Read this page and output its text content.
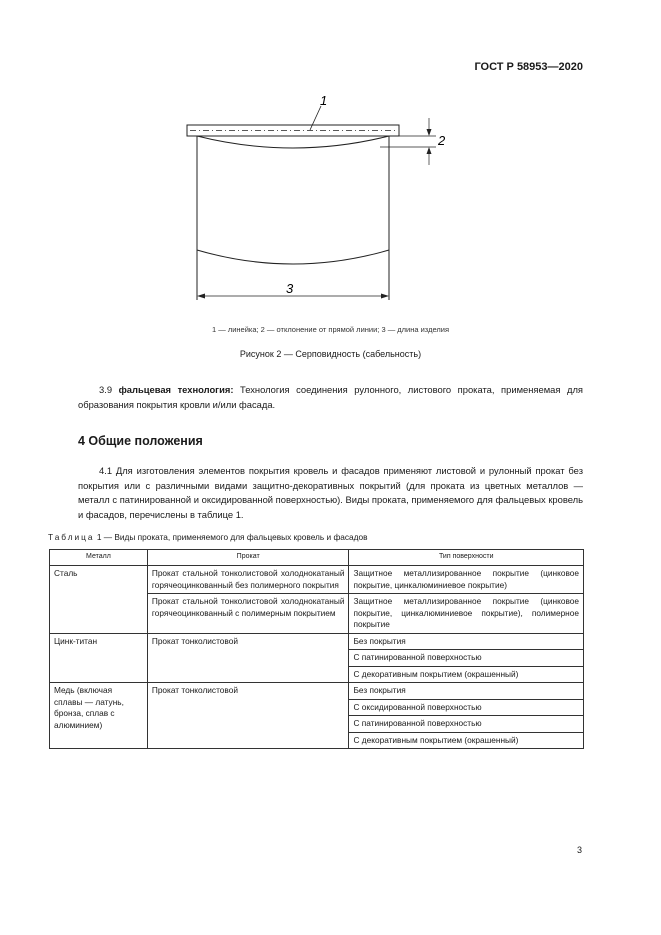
ГОСТ Р 58953—2020
1
2
3
1 — линейка; 2 — отклонение от прямой линии; 3 — длина изделия
Рисунок 2 — Серповидность (сабельность)

3.9 фальцевая технология: Технология соединения рулонного, листового проката, применяемая для образования покрытия кровли и/или фасада.

4 Общие положения

4.1 Для изготовления элементов покрытия кровель и фасадов применяют листовой и рулонный прокат без покрытия или с различными видами защитно-декоративных покрытий (для проката из цветных металлов — металл с патинированной и оксидированной поверхностью). Виды проката, применяемого для фальцевых кровель и фасадов, перечислены в таблице 1.

Таблица 1 — Виды проката, применяемого для фальцевых кровель и фасадов
Металл	Прокат	Тип поверхности
Сталь	Прокат стальной тонколистовой холоднокатаный горячеоцинкованный без полимерного покрытия	Защитное металлизированное покрытие (цинковое покрытие, цинкалюминиевое покрытие)
	Прокат стальной тонколистовой холоднокатаный горячеоцинкованный с полимерным покрытием	Защитное металлизированное покрытие (цинковое покрытие, цинкалюминиевое покрытие), полимерное покрытие
Цинк-титан	Прокат тонколистовой	Без покрытия
		С патинированной поверхностью
		С декоративным покрытием (окрашенный)
Медь (включая сплавы — латунь, бронза, сплав с алюминием)	Прокат тонколистовой	Без покрытия
		С оксидированной поверхностью
		С патинированной поверхностью
		С декоративным покрытием (окрашенный)
3
